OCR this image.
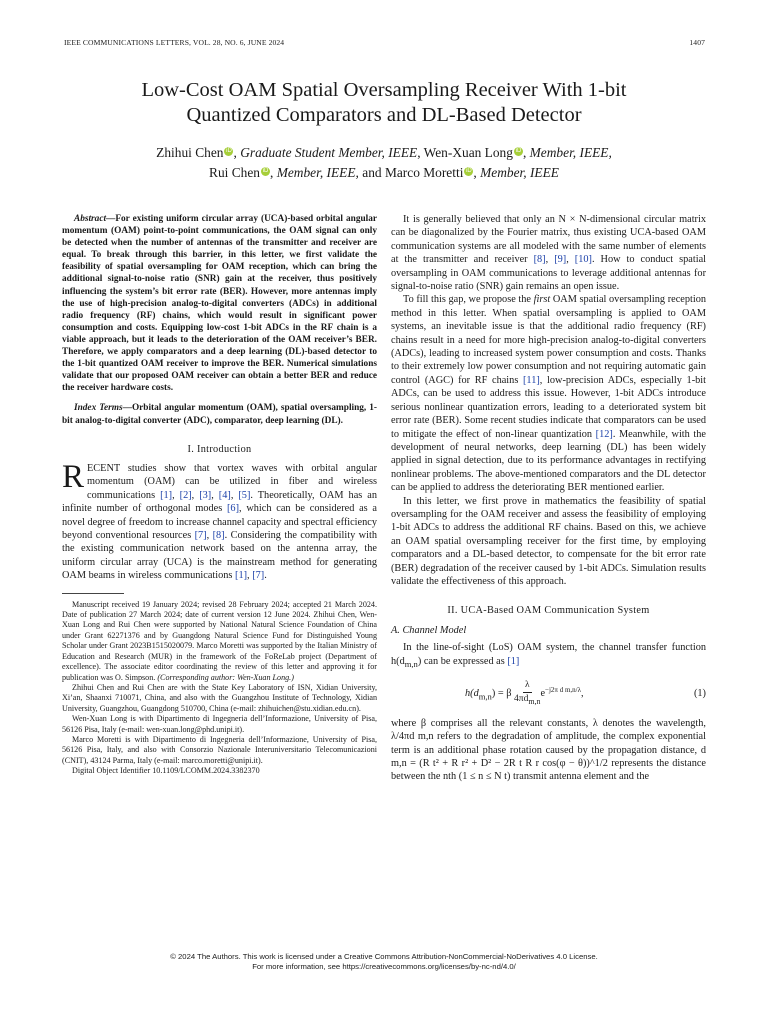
IEEE COMMUNICATIONS LETTERS, VOL. 28, NO. 6, JUNE 2024	1407
Low-Cost OAM Spatial Oversampling Receiver With 1-bit
Quantized Comparators and DL-Based Detector
Zhihui Chen iD , Graduate Student Member, IEEE, Wen-Xuan Long iD , Member, IEEE,
Rui Chen iD , Member, IEEE, and Marco Moretti iD , Member, IEEE

Abstract—For existing uniform circular array (UCA)-based orbital angular momentum (OAM) point-to-point communications, the OAM signal can only be detected when the number of antennas of the transmitter and receiver are equal. To break through this barrier, in this letter, we first validate the feasibility of spatial oversampling for OAM reception, which can bring the additional signal-to-noise ratio (SNR) gain at the receiver, thus positively influencing the system’s bit error rate (BER). However, more antennas imply the use of high-precision analog-to-digital converters (ADCs) in additional radio frequency (RF) chains, which would result in significant power consumption and costs. Equipping low-cost 1-bit ADCs in the RF chain is a viable approach, but it leads to the deterioration of the OAM receiver’s BER. Therefore, we apply comparators and a deep learning (DL)-based detector to the 1-bit quantized OAM receiver to improve the BER. Numerical simulations validate that our proposed OAM receiver can obtain a better BER and reduce the receiver hardware costs.

Index Terms—Orbital angular momentum (OAM), spatial oversampling, 1-bit analog-to-digital converter (ADC), comparator, deep learning (DL).

I. Introduction

RECENT studies show that vortex waves with orbital angular momentum (OAM) can be utilized in fiber and wireless communications [1], [2], [3], [4], [5]. Theoretically, OAM has an infinite number of orthogonal modes [6], which can be considered as a novel degree of freedom to increase channel capacity and spectral efficiency beyond conventional resources [7], [8]. Considering the compatibility with the existing communication network based on the antenna array, the uniform circular array (UCA) is the mainstream method for generating OAM beams in wireless communications [1], [7].

Manuscript received 19 January 2024; revised 28 February 2024; accepted 21 March 2024. Date of publication 27 March 2024; date of current version 12 June 2024. Zhihui Chen, Wen-Xuan Long and Rui Chen were supported by National Natural Science Foundation of China under Grant 62271376 and by Guangdong Natural Science Fund for Distinguished Young Scholar under Grant 2023B1515020079. Marco Moretti was supported by the Italian Ministry of Education and Research (MUR) in the framework of the FoReLab project (Department of excellence). The associate editor coordinating the review of this letter and approving it for publication was O. Simpson. (Corresponding author: Wen-Xuan Long.)

Zhihui Chen and Rui Chen are with the State Key Laboratory of ISN, Xidian University, Xi’an, Shaanxi 710071, China, and also with the Guangzhou Institute of Technology, Xidian University, Guangzhou, Guangdong 510700, China (e-mail: zhihuichen@stu.xidian.edu.cn).

Wen-Xuan Long is with Dipartimento di Ingegneria dell’Informazione, University of Pisa, 56126 Pisa, Italy (e-mail: wen-xuan.long@phd.unipi.it).

Marco Moretti is with Dipartimento di Ingegneria dell’Informazione, University of Pisa, 56126 Pisa, Italy, and also with Consorzio Nazionale Interuniversitario Telecomunicazioni (CNIT), 43124 Parma, Italy (e-mail: marco.moretti@unipi.it).

Digital Object Identifier 10.1109/LCOMM.2024.3382370

It is generally believed that only an N × N-dimensional circular matrix can be diagonalized by the Fourier matrix, thus existing UCA-based OAM communication systems are all modeled with the same number of elements at the transmitter and receiver [8], [9], [10]. How to conduct spatial oversampling in OAM communications to leverage additional antennas for signal-to-noise ratio (SNR) gain remains an open issue.

To fill this gap, we propose the first OAM spatial oversampling reception method in this letter. When spatial oversampling is applied to OAM systems, an inevitable issue is that the additional radio frequency (RF) chains result in a need for more high-precision analog-to-digital converters (ADCs), leading to increased system power consumption and costs. Thanks to their extremely low power consumption and not requiring automatic gain control (AGC) for RF chains [11], low-precision ADCs, especially 1-bit ADCs, can be used to address this issue. However, 1-bit ADCs introduce serious nonlinear quantization errors, leading to a deteriorated system bit error rate (BER). Some recent studies indicate that comparators can be used to mitigate the effect of non-linear quantization [12]. Meanwhile, with the development of neural networks, deep learning (DL) has been widely applied in signal detection, due to its performance advantages in rectifying nonlinear problems. The above-mentioned comparators and the DL detector can be applied to address the deteriorating BER mentioned earlier.

In this letter, we first prove in mathematics the feasibility of spatial oversampling for the OAM receiver and assess the feasibility of employing 1-bit ADCs to address the additional RF chains. Based on this, we achieve an OAM spatial oversampling receiver for the first time, by employing comparators and a DL-based detector, to compensate for the bit error rate (BER) degradation of the receiver caused by 1-bit ADCs. Simulation results validate the effectiveness of this approach.

II. UCA-Based OAM Communication System
A. Channel Model

In the line-of-sight (LoS) OAM system, the channel transfer function $h(d_{m,n})$ can be expressed as [1]

$h(d_{m,n}) = \beta \frac{\lambda}{4\pi d_{m,n}} e^{-j2\pi d m,n/\lambda}$,	(1)

where β comprises all the relevant constants, λ denotes the wavelength, λ/4πd m,n refers to the degradation of amplitude, the complex exponential term is an additional phase rotation caused by the propagation distance, d m,n = (R t² + R r² + D² − 2R t R r cos(φ − θ))^1/2 represents the distance between the nth (1 ≤ n ≤ N t) transmit antenna element and the

© 2024 The Authors. This work is licensed under a Creative Commons Attribution-NonCommercial-NoDerivatives 4.0 License.
For more information, see https://creativecommons.org/licenses/by-nc-nd/4.0/
